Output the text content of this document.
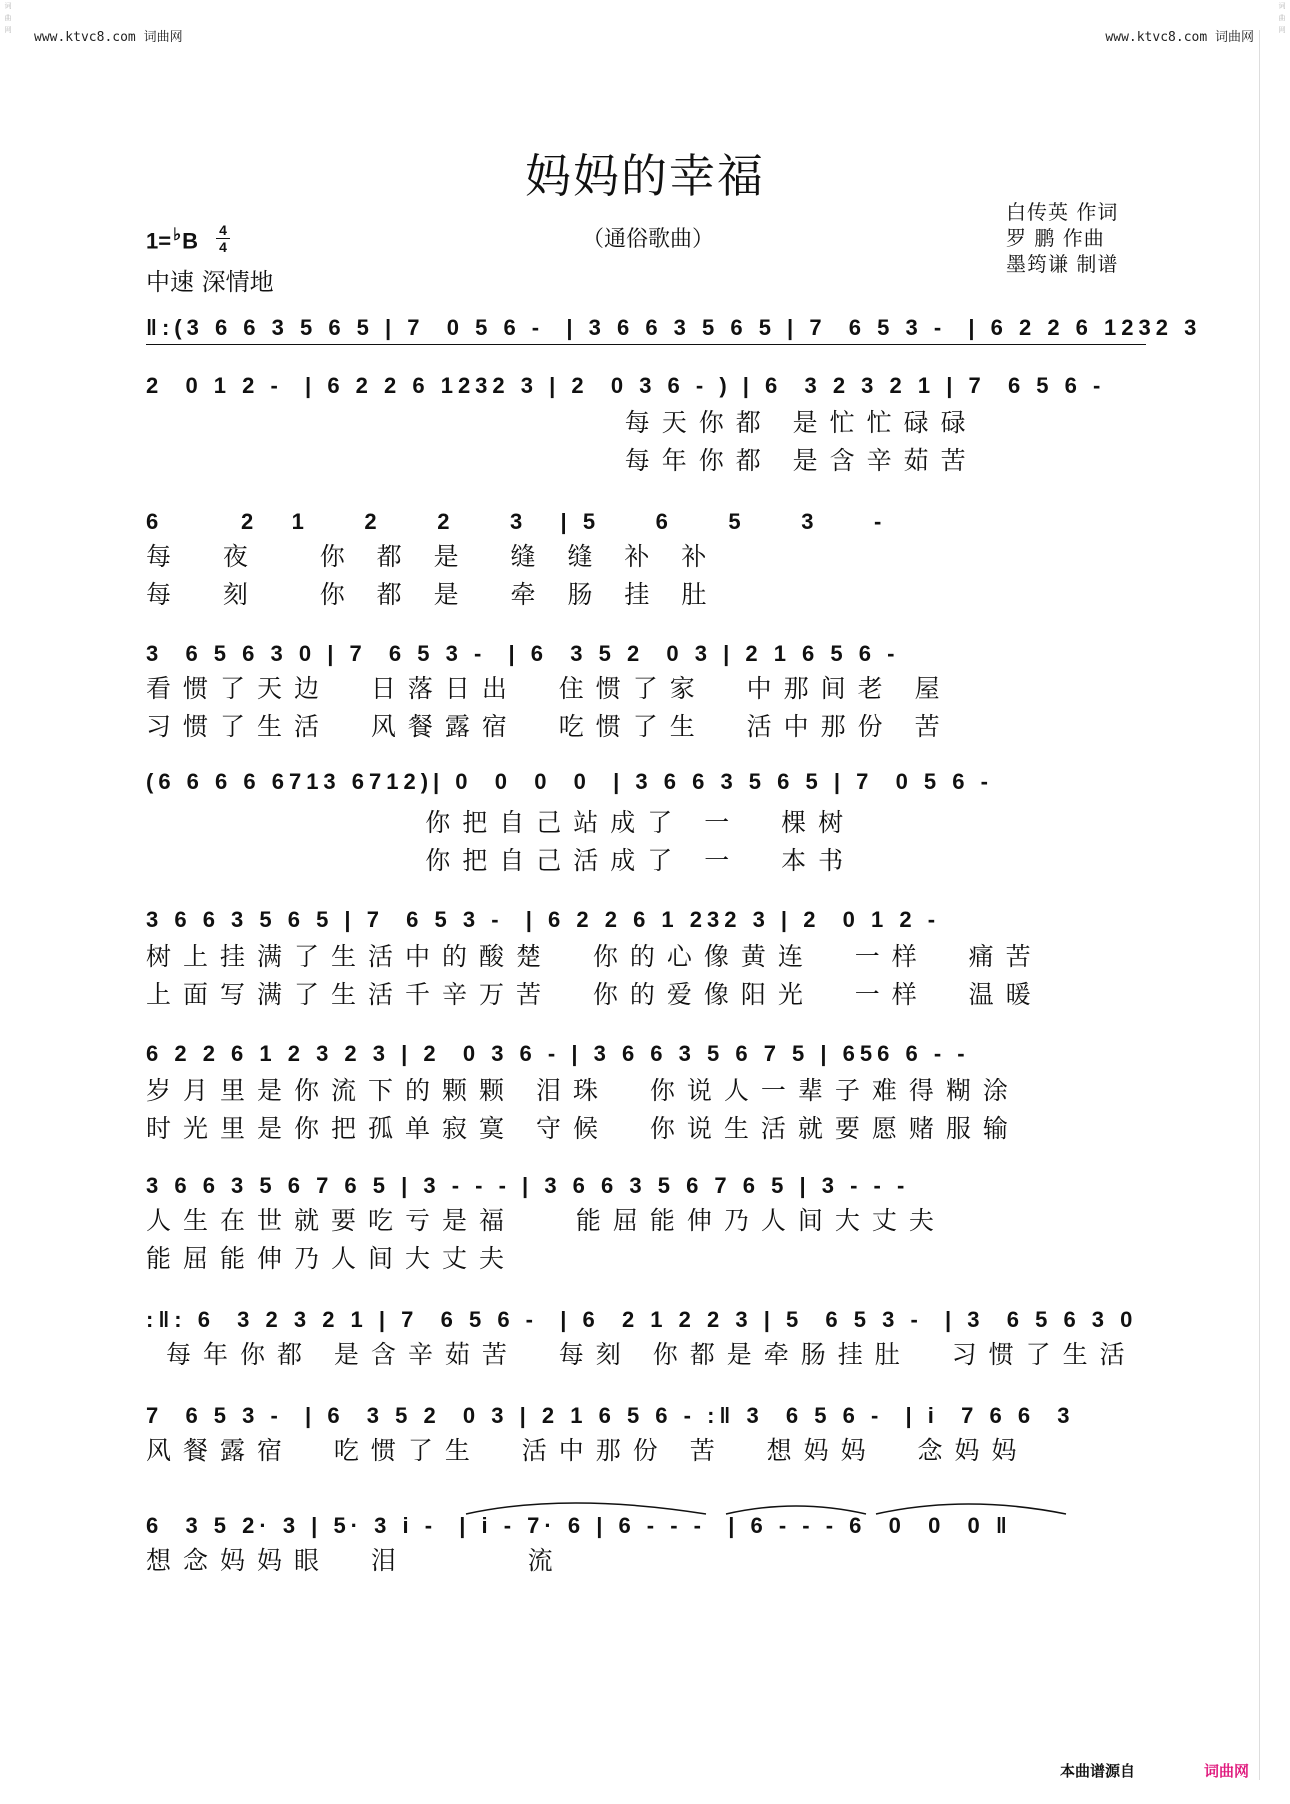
词
曲
网
词
曲
网
www.ktvc8.com 词曲网	www.ktvc8.com 词曲网
妈妈的幸福
1= ♭B 4
4
中速 深情地
（通俗歌曲）
白传英 作词
罗 鹏 作曲
墨筠谦 制谱
‖:(3 6 6 3 5 6 5 | 7  0 5 6 -  | 3 6 6 3 5 6 5 | 7  6 5 3 -  | 6 2 2 6 1232 3
2  0 1 2 -  | 6 2 2 6 1232 3 | 2  0 3 6 - ) | 6  3 2 3 2 1 | 7  6 5 6 -
每天你都 是忙忙碌碌
每年你都 是含辛茹苦
6       2   1     2     2     3   | 5     6     5     3     -
每  夜   你 都 是  缝 缝 补 补
每  刻   你 都 是  牵 肠 挂 肚
3  6 5 6 3 0 | 7  6 5 3 -  | 6  3 5 2  0 3 | 2 1 6 5 6 -
看惯了天边  日落日出  住惯了家  中那间老 屋
习惯了生活  风餐露宿  吃惯了生  活中那份 苦
(6 6 6 6 6713 6712)| 0  0  0  0  | 3 6 6 3 5 6 5 | 7  0 5 6 -
你把自己站成了 一  棵树
你把自己活成了 一  本书
3 6 6 3 5 6 5 | 7  6 5 3 -  | 6 2 2 6 1 232 3 | 2  0 1 2 -
树上挂满了生活中的酸楚  你的心像黄连  一样  痛苦
上面写满了生活千辛万苦  你的爱像阳光  一样  温暖
6 2 2 6 1 2 3 2 3 | 2  0 3 6 - | 3 6 6 3 5 6 7 5 | 656 6 - -
岁月里是你流下的颗颗 泪珠  你说人一辈子难得糊涂
时光里是你把孤单寂寞 守候  你说生活就要愿赌服输
3 6 6 3 5 6 7 6 5 | 3 - - - | 3 6 6 3 5 6 7 6 5 | 3 - - -
人生在世就要吃亏是福   能屈能伸乃人间大丈夫
能屈能伸乃人间大丈夫
:‖: 6  3 2 3 2 1 | 7  6 5 6 -  | 6  2 1 2 2 3 | 5  6 5 3 -  | 3  6 5 6 3 0
每年你都 是含辛茹苦  每刻 你都是牵肠挂肚  习惯了生活
7  6 5 3 -  | 6  3 5 2  0 3 | 2 1 6 5 6 - :‖ 3  6 5 6 -  | i  7 6 6  3
风餐露宿  吃惯了生  活中那份 苦  想妈妈  念妈妈
6  3 5 2· 3 | 5· 3 i -  | i - 7· 6 | 6 - - -  | 6 - - - 6  0  0  0 ‖
想念妈妈眼  泪      流
本曲谱源自	词曲网
